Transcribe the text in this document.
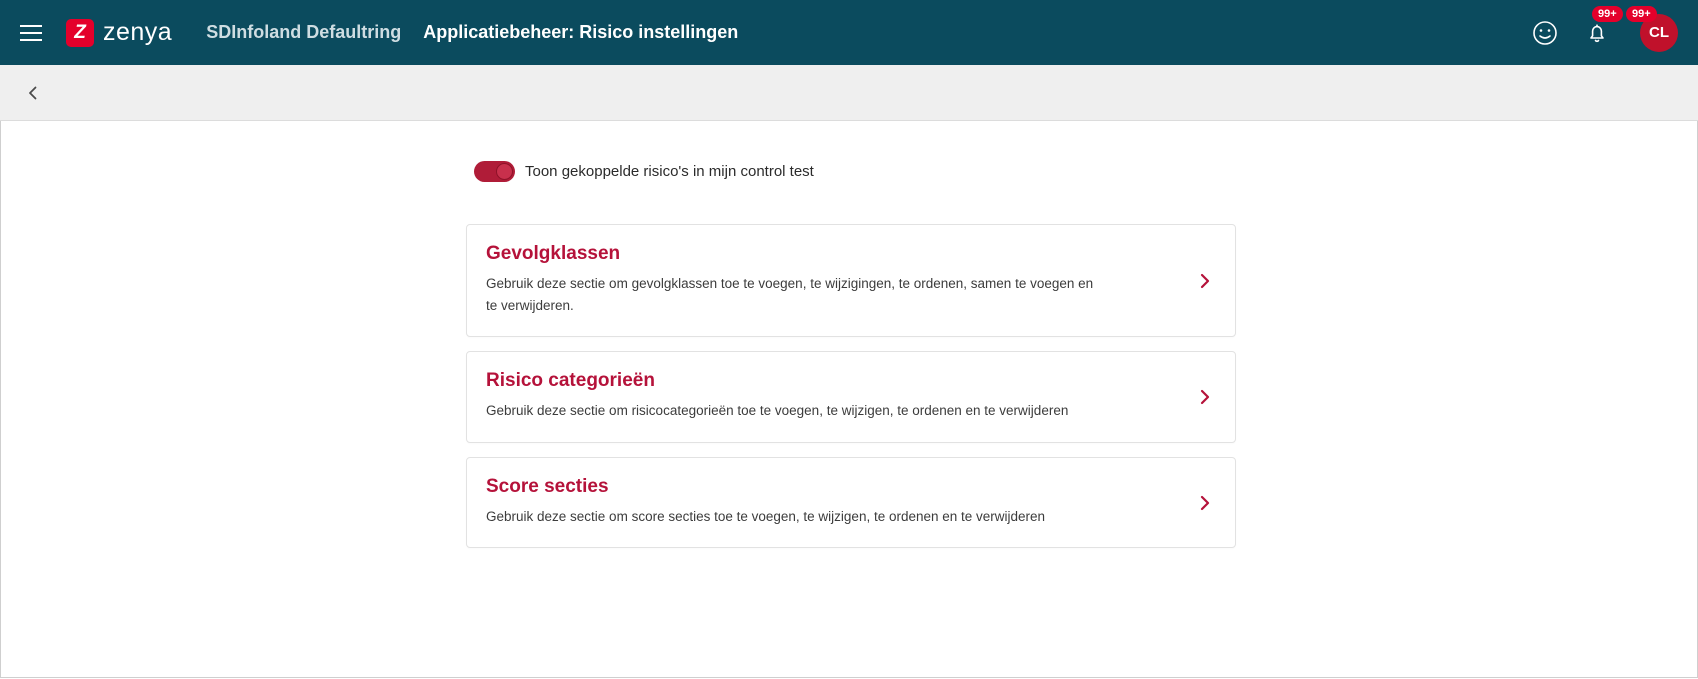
Z zenya SDInfoland Defaultring Applicatiebeheer: Risico instellingen
99+	99+
CL
Toon gekoppelde risico's in mijn control test

Gevolgklassen

Gebruik deze sectie om gevolgklassen toe te voegen, te wijzigingen, te ordenen, samen te voegen en te verwijderen.

Risico categorieën

Gebruik deze sectie om risicocategorieën toe te voegen, te wijzigen, te ordenen en te verwijderen

Score secties

Gebruik deze sectie om score secties toe te voegen, te wijzigen, te ordenen en te verwijderen
